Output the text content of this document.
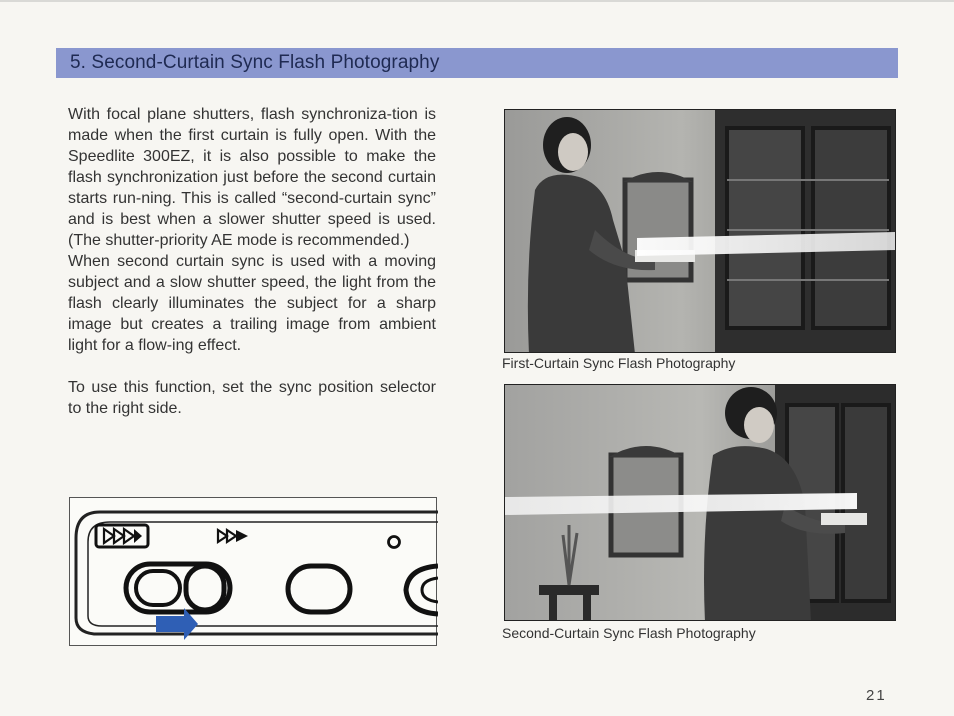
5. Second-Curtain Sync Flash Photography

With focal plane shutters, flash synchroniza-tion is made when the first curtain is fully open. With the Speedlite 300EZ, it is also possible to make the flash synchronization just before the second curtain starts run-ning. This is called “second-curtain sync” and is best when a slower shutter speed is used. (The shutter-priority AE mode is recommended.)

When second curtain sync is used with a moving subject and a slow shutter speed, the light from the flash clearly illuminates the subject for a sharp image but creates a trailing image from ambient light for a flow-ing effect.

To use this function, set the sync position selector to the right side.

First-Curtain Sync Flash Photography
Second-Curtain Sync Flash Photography
21
